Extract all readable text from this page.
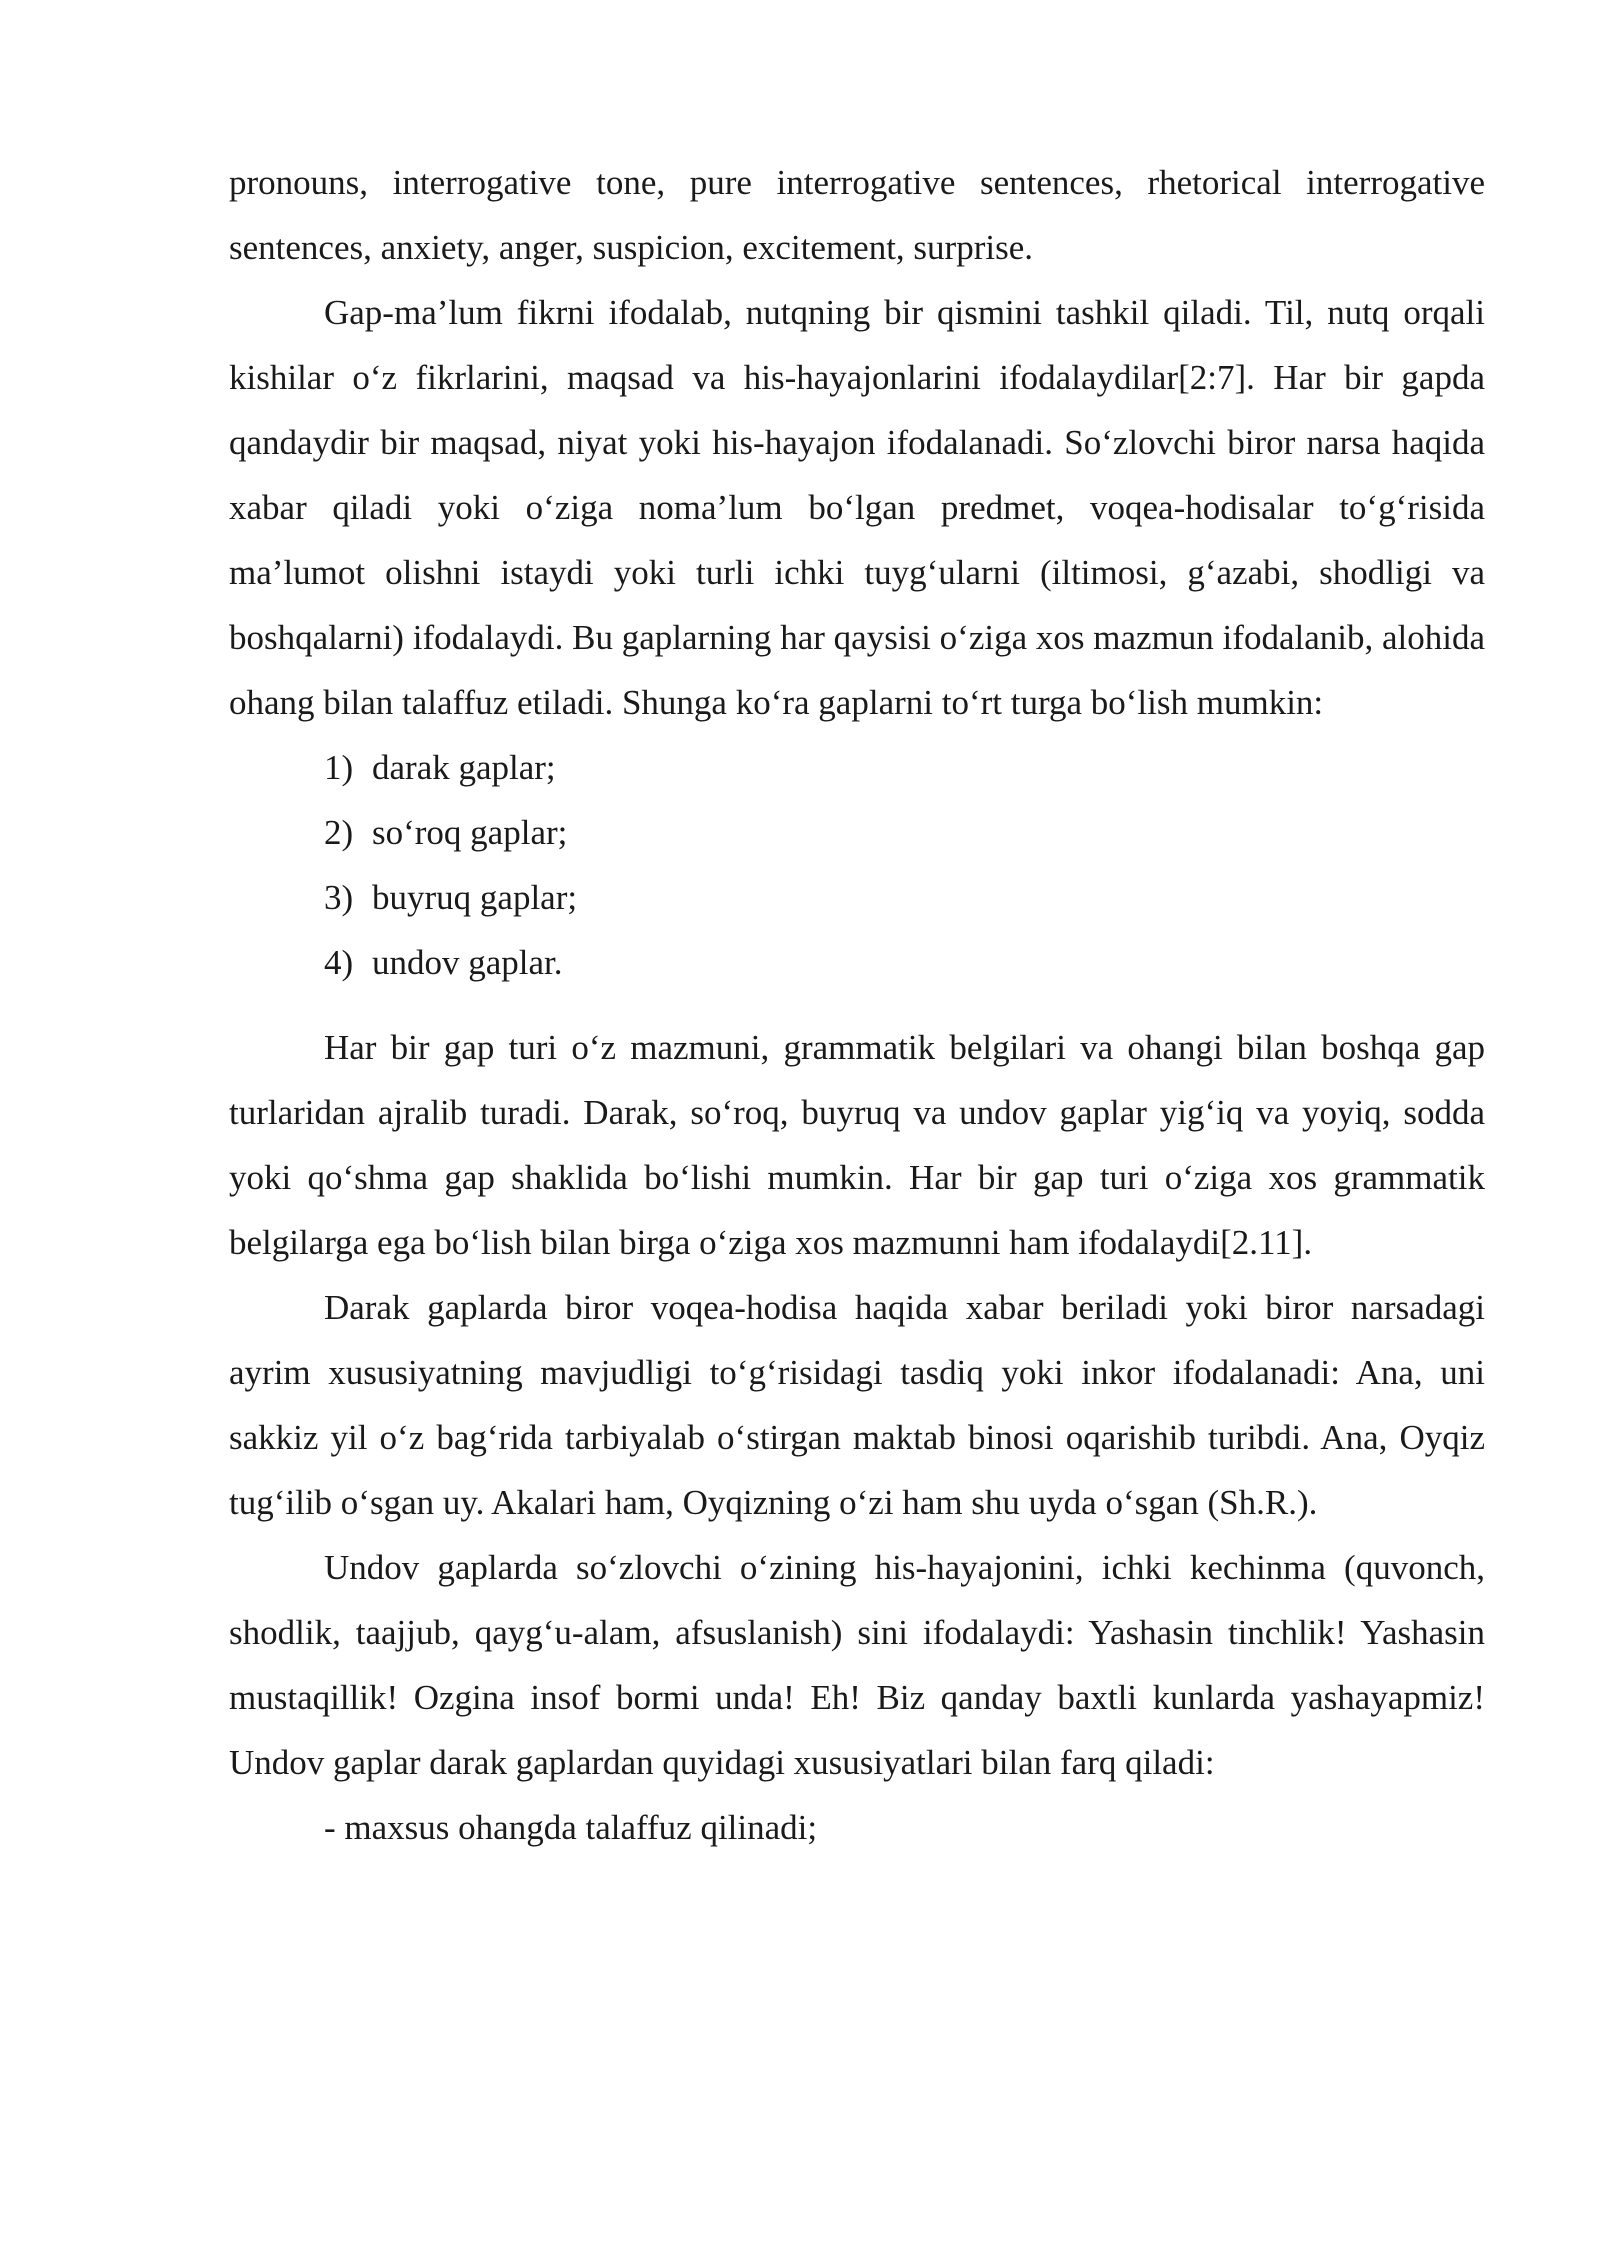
pronouns, interrogative tone, pure interrogative sentences, rhetorical interrogative sentences, anxiety, anger, suspicion, excitement, surprise.

Gap-ma’lum fikrni ifodalab, nutqning bir qismini tashkil qiladi. Til, nutq orqali kishilar o‘z fikrlarini, maqsad va his-hayajonlarini ifodalaydilar[2:7]. Har bir gapda qandaydir bir maqsad, niyat yoki his-hayajon ifodalanadi. So‘zlovchi biror narsa haqida xabar qiladi yoki o‘ziga noma’lum bo‘lgan predmet, voqea-hodisalar to‘g‘risida ma’lumot olishni istaydi yoki turli ichki tuyg‘ularni (iltimosi, g‘azabi, shodligi va boshqalarni) ifodalaydi. Bu gaplarning har qaysisi o‘ziga xos mazmun ifodalanib, alohida ohang bilan talaffuz etiladi. Shunga ko‘ra gaplarni to‘rt turga bo‘lish mumkin:

1) darak gaplar;
2) so‘roq gaplar;
3) buyruq gaplar;
4) undov gaplar.

Har bir gap turi o‘z mazmuni, grammatik belgilari va ohangi bilan boshqa gap turlaridan ajralib turadi. Darak, so‘roq, buyruq va undov gaplar yig‘iq va yoyiq, sodda yoki qo‘shma gap shaklida bo‘lishi mumkin. Har bir gap turi o‘ziga xos grammatik belgilarga ega bo‘lish bilan birga o‘ziga xos mazmunni ham ifodalaydi[2.11].

Darak gaplarda biror voqea-hodisa haqida xabar beriladi yoki biror narsadagi ayrim xususiyatning mavjudligi to‘g‘risidagi tasdiq yoki inkor ifodalanadi: Ana, uni sakkiz yil o‘z bag‘rida tarbiyalab o‘stirgan maktab binosi oqarishib turibdi. Ana, Oyqiz tug‘ilib o‘sgan uy. Akalari ham, Oyqizning o‘zi ham shu uyda o‘sgan (Sh.R.).

Undov gaplarda so‘zlovchi o‘zining his-hayajonini, ichki kechinma (quvonch, shodlik, taajjub, qayg‘u-alam, afsuslanish) sini ifodalaydi: Yashasin tinchlik! Yashasin mustaqillik! Ozgina insof bormi unda! Eh! Biz qanday baxtli kunlarda yashayapmiz! Undov gaplar darak gaplardan quyidagi xususiyatlari bilan farq qiladi:

- maxsus ohangda talaffuz qilinadi;
